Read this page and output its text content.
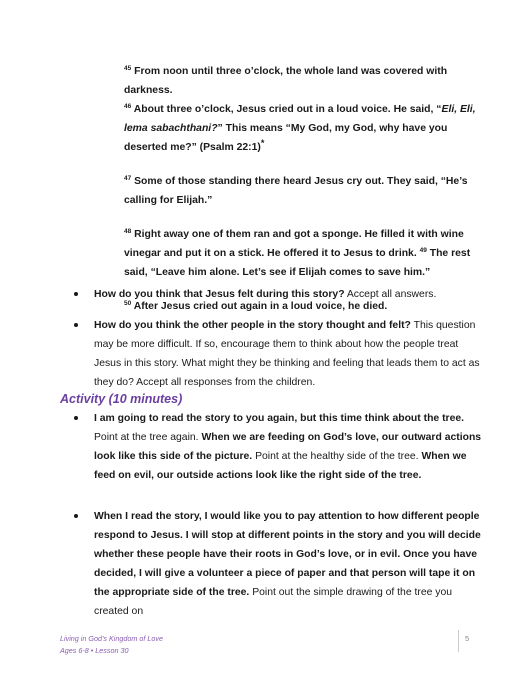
$^{45}$ From noon until three o’clock, the whole land was covered with darkness.
$^{46}$ About three o’clock, Jesus cried out in a loud voice. He said, “Eli, Eli, lema sabachthani?” This means “My God, my God, why have you deserted me?” (Psalm 22:1)*

$^{47}$ Some of those standing there heard Jesus cry out. They said, “He’s calling for Elijah.”

$^{48}$ Right away one of them ran and got a sponge. He filled it with wine vinegar and put it on a stick. He offered it to Jesus to drink. $^{49}$ The rest said, “Leave him alone. Let’s see if Elijah comes to save him.”

$^{50}$ After Jesus cried out again in a loud voice, he died.

How do you think that Jesus felt during this story? Accept all answers.
How do you think the other people in the story thought and felt? This question may be more difficult. If so, encourage them to think about how the people treat Jesus in this story. What might they be thinking and feeling that leads them to act as they do? Accept all responses from the children.
Activity (10 minutes)
I am going to read the story to you again, but this time think about the tree. Point at the tree again. When we are feeding on God’s love, our outward actions look like this side of the picture. Point at the healthy side of the tree. When we feed on evil, our outside actions look like the right side of the tree.
When I read the story, I would like you to pay attention to how different people respond to Jesus. I will stop at different points in the story and you will decide whether these people have their roots in God’s love, or in evil. Once you have decided, I will give a volunteer a piece of paper and that person will tape it on the appropriate side of the tree. Point out the simple drawing of the tree you created on
Living in God’s Kingdom of Love
Ages 6-8 • Lesson 30
5
